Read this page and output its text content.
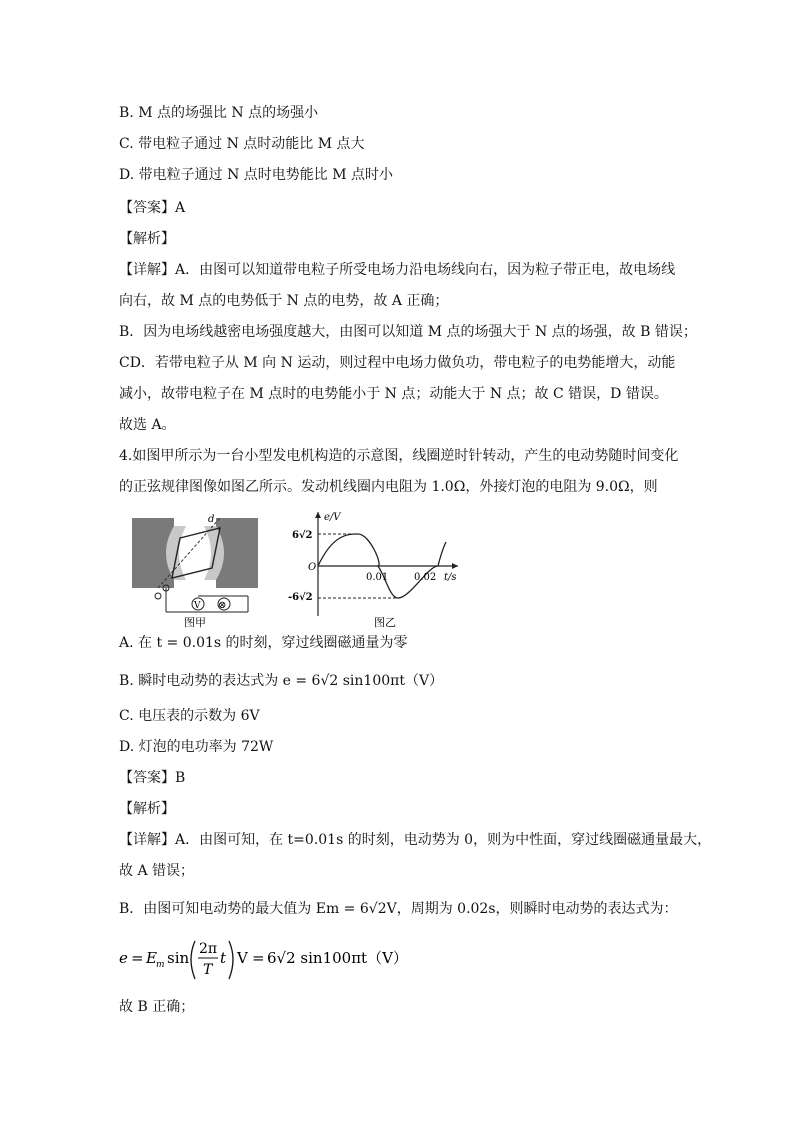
B. M 点的场强比 N 点的场强小
C. 带电粒子通过 N 点时动能比 M 点大
D. 带电粒子通过 N 点时电势能比 M 点时小
【答案】A
【解析】
【详解】A．由图可以知道带电粒子所受电场力沿电场线向右，因为粒子带正电，故电场线
向右，故 M 点的电势低于 N 点的电势，故 A 正确；
B．因为电场线越密电场强度越大，由图可以知道 M 点的场强大于 N 点的场强，故 B 错误；
CD．若带电粒子从 M 向 N 运动，则过程中电场力做负功，带电粒子的电势能增大，动能
减小，故带电粒子在 M 点时的电势能小于 N 点；动能大于 N 点；故 C 错误，D 错误。
故选 A。
4.如图甲所示为一台小型发电机构造的示意图，线圈逆时针转动，产生的电动势随时间变化
的正弦规律图像如图乙所示。发动机线圈内电阻为 1.0Ω，外接灯泡的电阻为 9.0Ω，则
d
V ⊗
图甲
e/V
t/s
O
6√2
-6√2
0.01	0.02
图乙
A. 在 t = 0.01s 的时刻，穿过线圈磁通量为零
B. 瞬时电动势的表达式为 e = 6√2 sin100πt（V）
C. 电压表的示数为 6V
D. 灯泡的电功率为 72W
【答案】B
【解析】
【详解】A．由图可知，在 t=0.01s 的时刻，电动势为 0，则为中性面，穿过线圈磁通量最大，
故 A 错误；
B．由图可知电动势的最大值为 Em = 6√2V，周期为 0.02s，则瞬时电动势的表达式为：
e = E m sin 2π
T
t V = 6√2 sin100πt（V）
故 B 正确；
